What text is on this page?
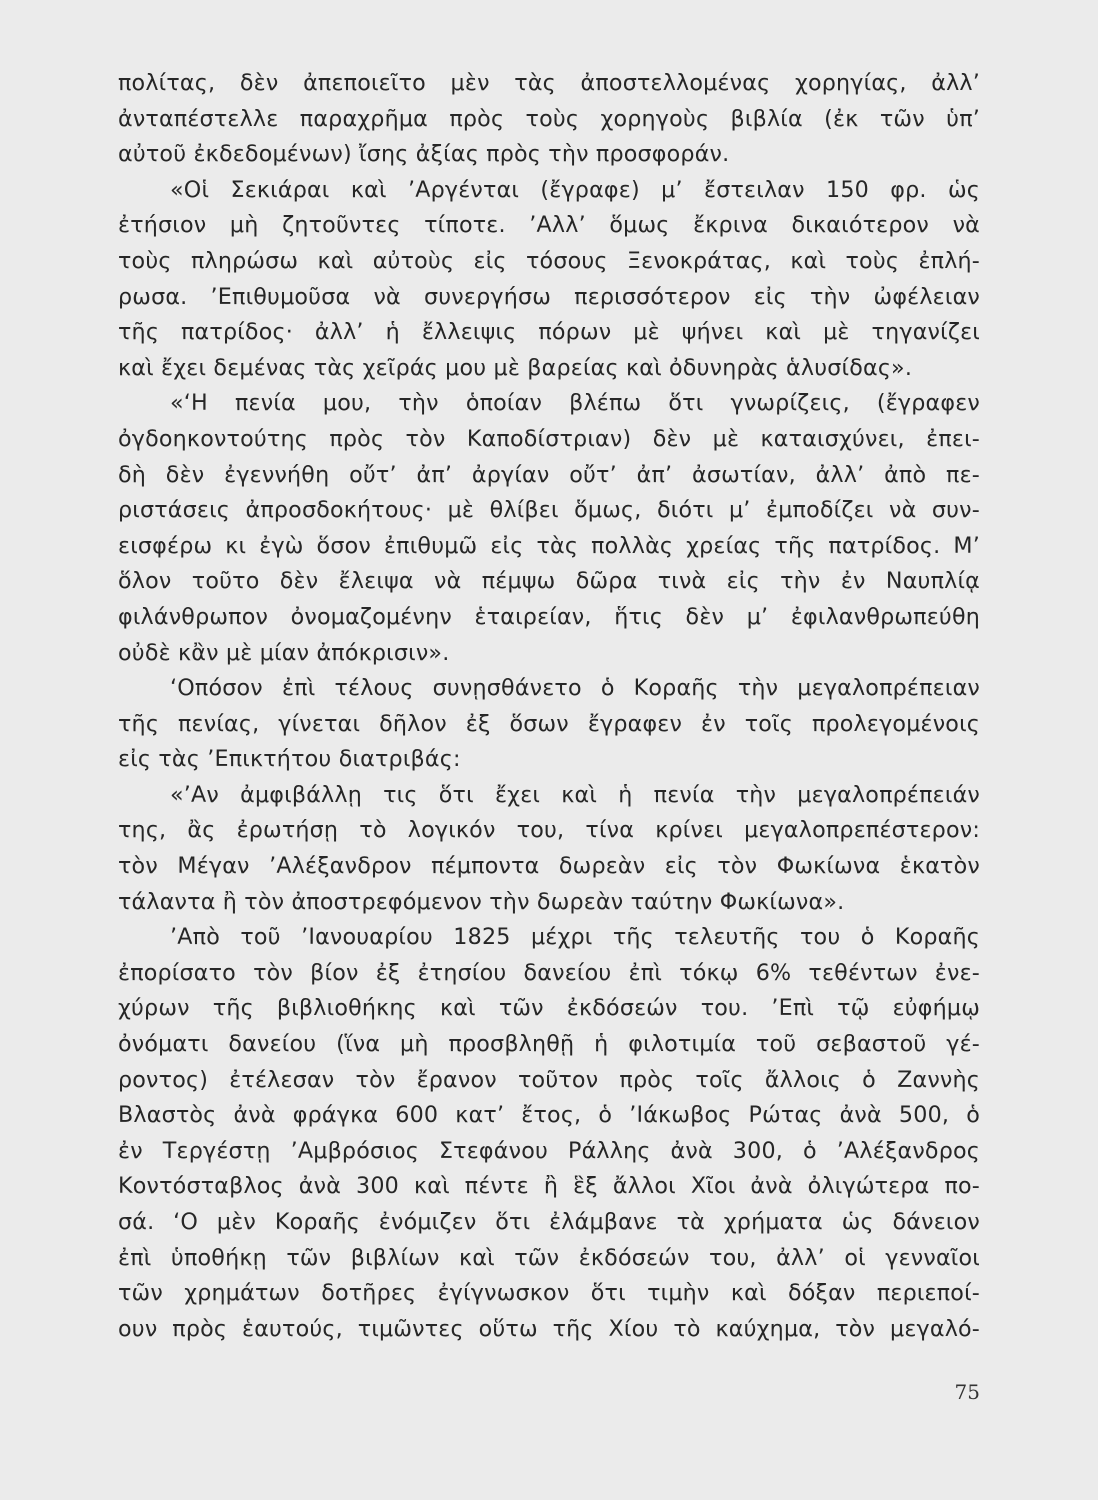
πολίτας, δὲν ἀπεποιεῖτο μὲν τὰς ἀποστελλομένας χορηγίας, ἀλλ’
ἀνταπέστελλε παραχρῆμα πρὸς τοὺς χορηγοὺς βιβλία (ἐκ τῶν ὑπ’
αὐτοῦ ἐκδεδομένων) ἴσης ἀξίας πρὸς τὴν προσφοράν.
«Οἱ Σεκιάραι καὶ ’Αργένται (ἔγραφε) μ’ ἔστειλαν 150 φρ. ὡς
ἐτήσιον μὴ ζητοῦντες τίποτε. ’Αλλ’ ὅμως ἔκρινα δικαιότερον νὰ
τοὺς πληρώσω καὶ αὐτοὺς εἰς τόσους Ξενοκράτας, καὶ τοὺς ἐπλή-
ρωσα. ’Επιθυμοῦσα νὰ συνεργήσω περισσότερον εἰς τὴν ὠφέλειαν
τῆς πατρίδος· ἀλλ’ ἡ ἔλλειψις πόρων μὲ ψήνει καὶ μὲ τηγανίζει
καὶ ἔχει δεμένας τὰς χεῖράς μου μὲ βαρείας καὶ ὀδυνηρὰς ἁλυσίδας».
«‘Η πενία μου, τὴν ὁποίαν βλέπω ὅτι γνωρίζεις, (ἔγραφεν
ὀγδοηκοντούτης πρὸς τὸν Καποδίστριαν) δὲν μὲ καταισχύνει, ἐπει-
δὴ δὲν ἐγεννήθη οὔτ’ ἀπ’ ἀργίαν οὔτ’ ἀπ’ ἀσωτίαν, ἀλλ’ ἀπὸ πε-
ριστάσεις ἀπροσδοκήτους· μὲ θλίβει ὅμως, διότι μ’ ἐμποδίζει νὰ συν-
εισφέρω κι ἐγὼ ὅσον ἐπιθυμῶ εἰς τὰς πολλὰς χρείας τῆς πατρίδος. Μ’
ὅλον τοῦτο δὲν ἔλειψα νὰ πέμψω δῶρα τινὰ εἰς τὴν ἐν Ναυπλίᾳ
φιλάνθρωπον ὀνομαζομένην ἑταιρείαν, ἥτις δὲν μ’ ἐφιλανθρωπεύθη
οὐδὲ κἂν μὲ μίαν ἀπόκρισιν».
‘Οπόσον ἐπὶ τέλους συνῃσθάνετο ὁ Κοραῆς τὴν μεγαλοπρέπειαν
τῆς πενίας, γίνεται δῆλον ἐξ ὅσων ἔγραφεν ἐν τοῖς προλεγομένοις
εἰς τὰς ’Επικτήτου διατριβάς:
«’Αν ἀμφιβάλλῃ τις ὅτι ἔχει καὶ ἡ πενία τὴν μεγαλοπρέπειάν
της, ἂς ἐρωτήσῃ τὸ λογικόν του, τίνα κρίνει μεγαλοπρεπέστερον:
τὸν Μέγαν ’Αλέξανδρον πέμποντα δωρεὰν εἰς τὸν Φωκίωνα ἑκατὸν
τάλαντα ἢ τὸν ἀποστρεφόμενον τὴν δωρεὰν ταύτην Φωκίωνα».
’Απὸ τοῦ ’Ιανουαρίου 1825 μέχρι τῆς τελευτῆς του ὁ Κοραῆς
ἐπορίσατο τὸν βίον ἐξ ἐτησίου δανείου ἐπὶ τόκῳ 6% τεθέντων ἐνε-
χύρων τῆς βιβλιοθήκης καὶ τῶν ἐκδόσεών του. ’Επὶ τῷ εὐφήμῳ
ὀνόματι δανείου (ἵνα μὴ προσβληθῇ ἡ φιλοτιμία τοῦ σεβαστοῦ γέ-
ροντος) ἐτέλεσαν τὸν ἔρανον τοῦτον πρὸς τοῖς ἄλλοις ὁ Ζαννὴς
Βλαστὸς ἀνὰ φράγκα 600 κατ’ ἔτος, ὁ ’Ιάκωβος Ρώτας ἀνὰ 500, ὁ
ἐν Τεργέστῃ ’Αμβρόσιος Στεφάνου Ράλλης ἀνὰ 300, ὁ ’Αλέξανδρος
Κοντόσταβλος ἀνὰ 300 καὶ πέντε ἢ ἓξ ἄλλοι Χῖοι ἀνὰ ὀλιγώτερα πο-
σά. ‘Ο μὲν Κοραῆς ἐνόμιζεν ὅτι ἐλάμβανε τὰ χρήματα ὡς δάνειον
ἐπὶ ὑποθήκῃ τῶν βιβλίων καὶ τῶν ἐκδόσεών του, ἀλλ’ οἱ γενναῖοι
τῶν χρημάτων δοτῆρες ἐγίγνωσκον ὅτι τιμὴν καὶ δόξαν περιεποί-
ουν πρὸς ἑαυτούς, τιμῶντες οὕτω τῆς Χίου τὸ καύχημα, τὸν μεγαλό-
75
